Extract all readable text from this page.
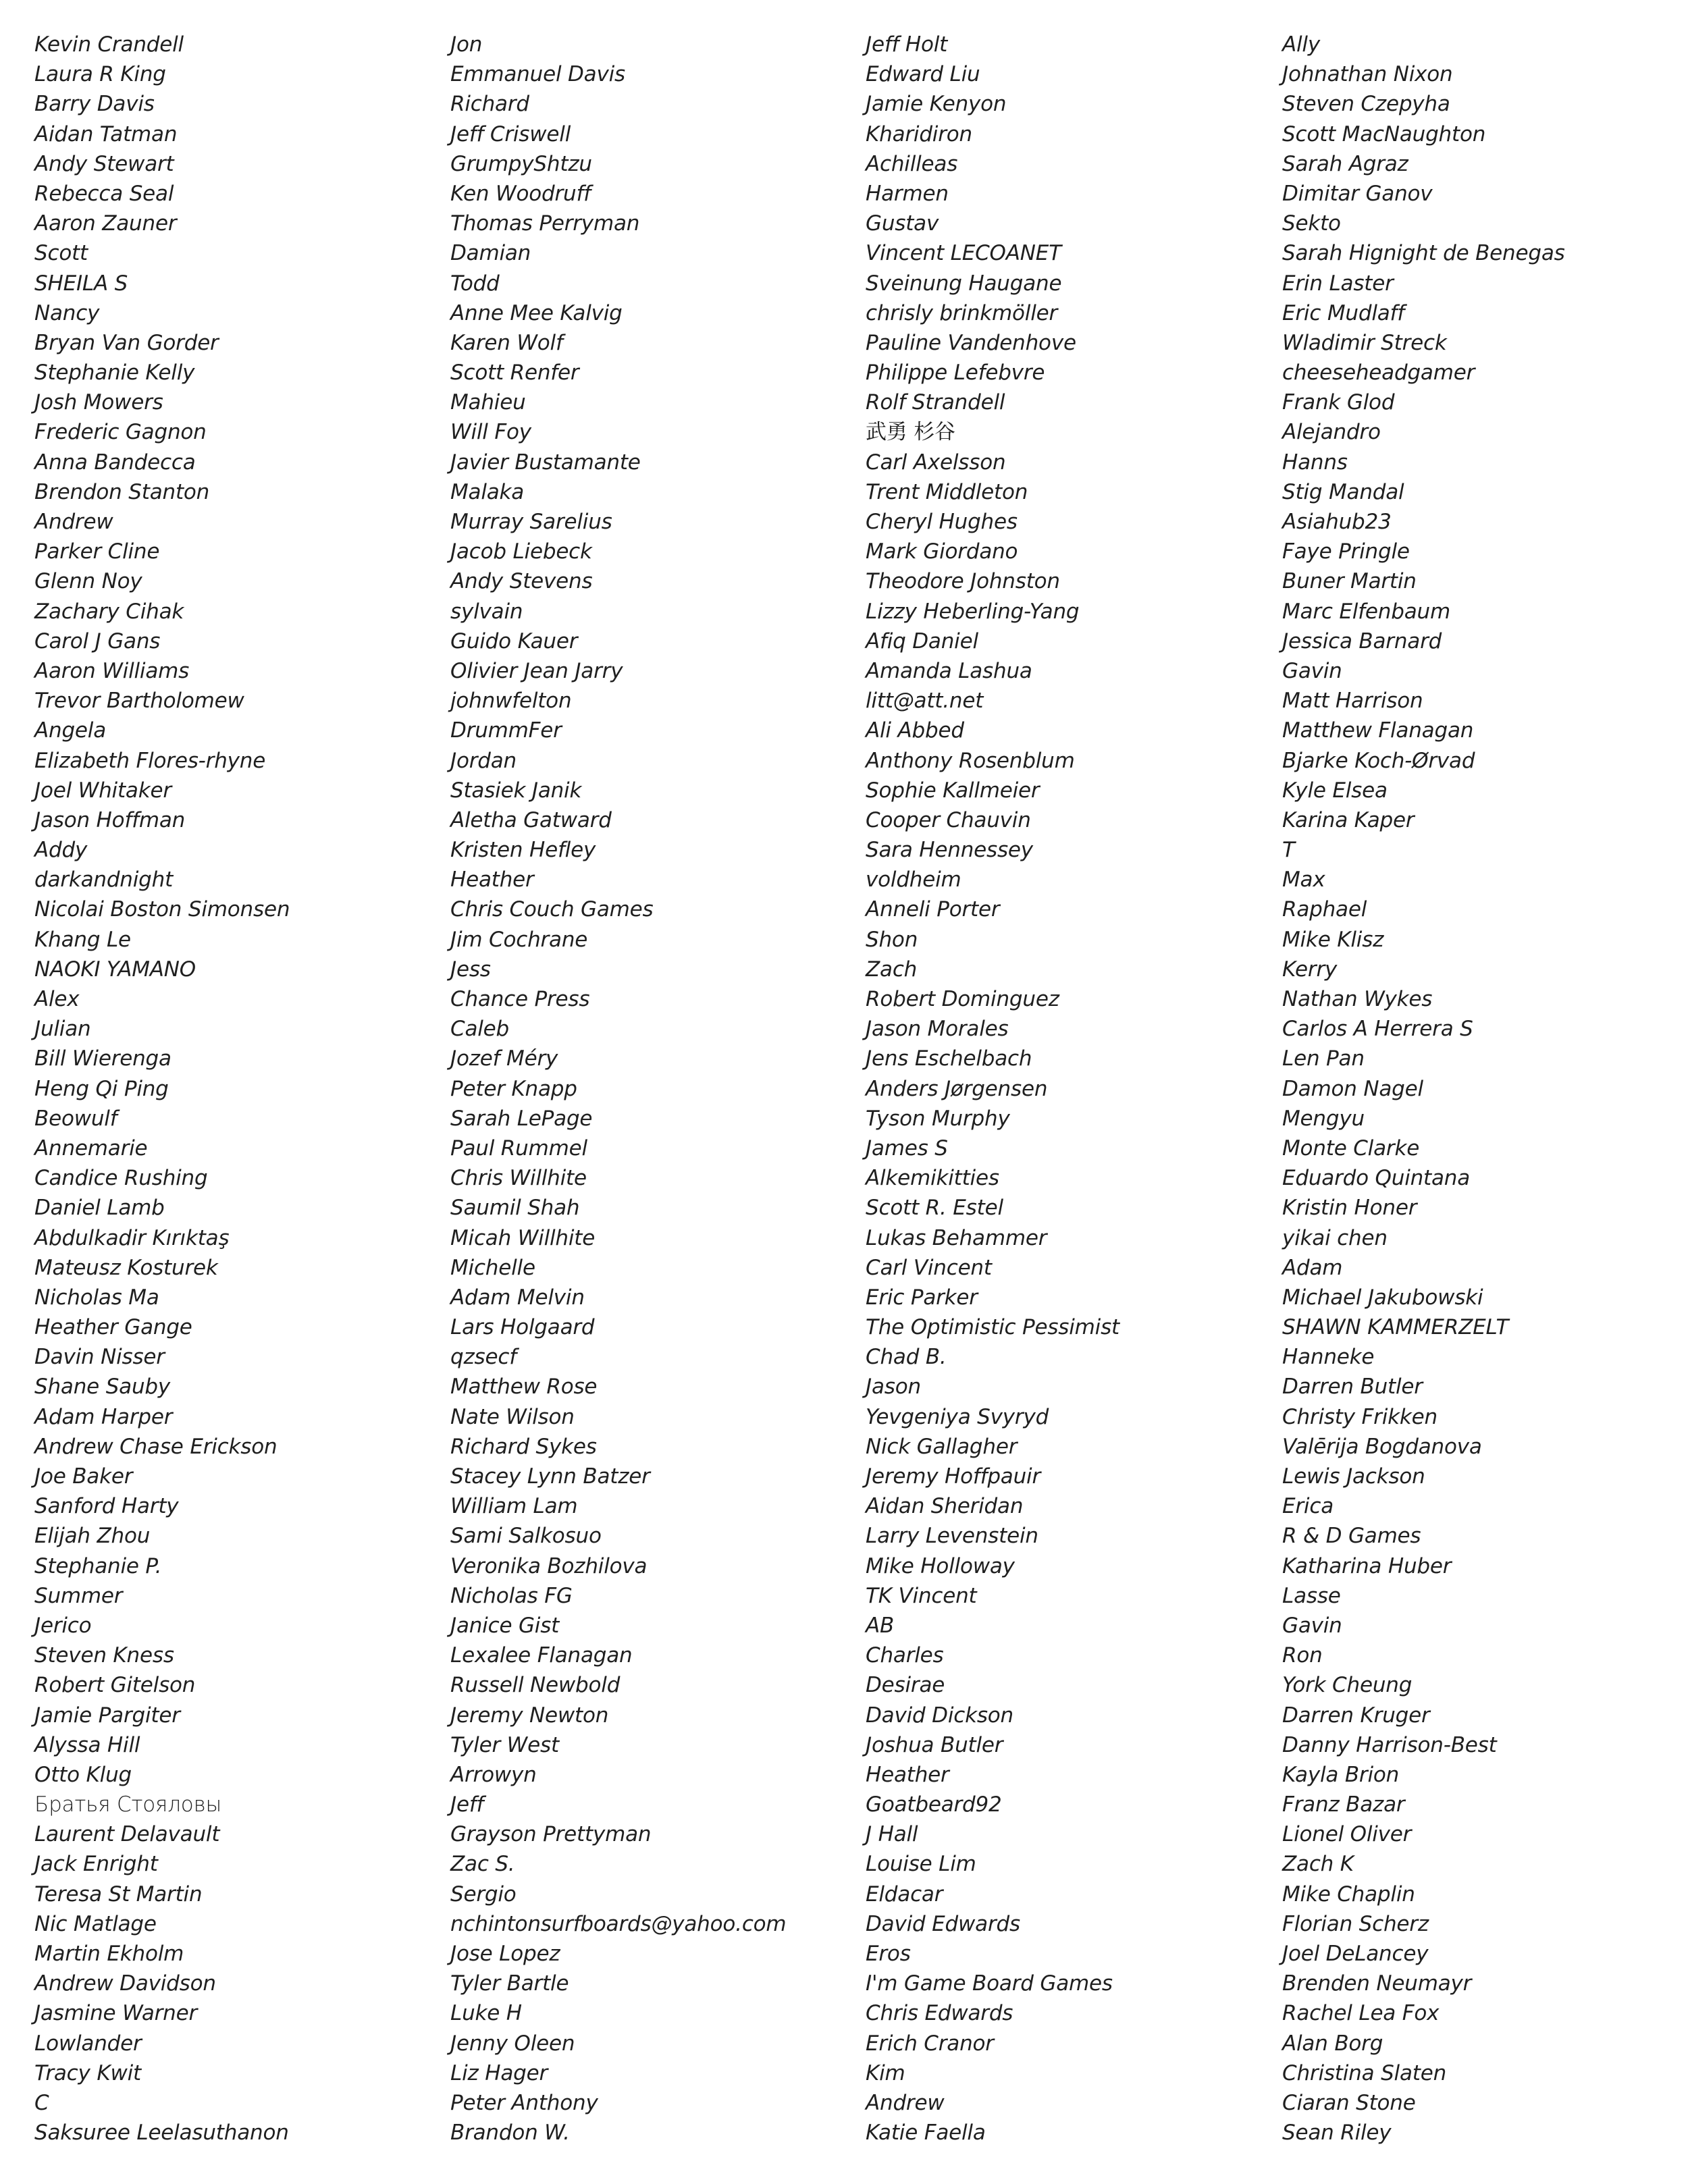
Kevin Crandell
Laura R King
Barry Davis
Aidan Tatman
Andy Stewart
Rebecca Seal
Aaron Zauner
Scott
SHEILA S
Nancy
Bryan Van Gorder
Stephanie Kelly
Josh Mowers
Frederic Gagnon
Anna Bandecca
Brendon Stanton
Andrew
Parker Cline
Glenn Noy
Zachary Cihak
Carol J Gans
Aaron Williams
Trevor Bartholomew
Angela
Elizabeth Flores-rhyne
Joel Whitaker
Jason Hoffman
Addy
darkandnight
Nicolai Boston Simonsen
Khang Le
NAOKI YAMANO
Alex
Julian
Bill Wierenga
Heng Qi Ping
Beowulf
Annemarie
Candice Rushing
Daniel Lamb
Abdulkadir Kırıktaş
Mateusz Kosturek
Nicholas Ma
Heather Gange
Davin Nisser
Shane Sauby
Adam Harper
Andrew Chase Erickson
Joe Baker
Sanford Harty
Elijah Zhou
Stephanie P.
Summer
Jerico
Steven Kness
Robert Gitelson
Jamie Pargiter
Alyssa Hill
Otto Klug
Братья Стояловы
Laurent Delavault
Jack Enright
Teresa St Martin
Nic Matlage
Martin Ekholm
Andrew Davidson
Jasmine Warner
Lowlander
Tracy Kwit
C
Saksuree Leelasuthanon
Jon
Emmanuel Davis
Richard
Jeff Criswell
GrumpyShtzu
Ken Woodruff
Thomas Perryman
Damian
Todd
Anne Mee Kalvig
Karen Wolf
Scott Renfer
Mahieu
Will Foy
Javier Bustamante
Malaka
Murray Sarelius
Jacob Liebeck
Andy Stevens
sylvain
Guido Kauer
Olivier Jean Jarry
johnwfelton
DrummFer
Jordan
Stasiek Janik
Aletha Gatward
Kristen Hefley
Heather
Chris Couch Games
Jim Cochrane
Jess
Chance Press
Caleb
Jozef Méry
Peter Knapp
Sarah LePage
Paul Rummel
Chris Willhite
Saumil Shah
Micah Willhite
Michelle
Adam Melvin
Lars Holgaard
qzsecf
Matthew Rose
Nate Wilson
Richard Sykes
Stacey Lynn Batzer
William Lam
Sami Salkosuo
Veronika Bozhilova
Nicholas FG
Janice Gist
Lexalee Flanagan
Russell Newbold
Jeremy Newton
Tyler West
Arrowyn
Jeff
Grayson Prettyman
Zac S.
Sergio
nchintonsurfboards@yahoo.com
Jose Lopez
Tyler Bartle
Luke H
Jenny Oleen
Liz Hager
Peter Anthony
Brandon W.
Jeff Holt
Edward Liu
Jamie Kenyon
Kharidiron
Achilleas
Harmen
Gustav
Vincent LECOANET
Sveinung Haugane
chrisly brinkmöller
Pauline Vandenhove
Philippe Lefebvre
Rolf Strandell
武勇 杉谷
Carl Axelsson
Trent Middleton
Cheryl Hughes
Mark Giordano
Theodore Johnston
Lizzy Heberling-Yang
Afiq Daniel
Amanda Lashua
litt@att.net
Ali Abbed
Anthony Rosenblum
Sophie Kallmeier
Cooper Chauvin
Sara Hennessey
voldheim
Anneli Porter
Shon
Zach
Robert Dominguez
Jason Morales
Jens Eschelbach
Anders Jørgensen
Tyson Murphy
James S
Alkemikitties
Scott R. Estel
Lukas Behammer
Carl Vincent
Eric Parker
The Optimistic Pessimist
Chad B.
Jason
Yevgeniya Svyryd
Nick Gallagher
Jeremy Hoffpauir
Aidan Sheridan
Larry Levenstein
Mike Holloway
TK Vincent
AB
Charles
Desirae
David Dickson
Joshua Butler
Heather
Goatbeard92
J Hall
Louise Lim
Eldacar
David Edwards
Eros
I'm Game Board Games
Chris Edwards
Erich Cranor
Kim
Andrew
Katie Faella
Ally
Johnathan Nixon
Steven Czepyha
Scott MacNaughton
Sarah Agraz
Dimitar Ganov
Sekto
Sarah Hignight de Benegas
Erin Laster
Eric Mudlaff
Wladimir Streck
cheeseheadgamer
Frank Glod
Alejandro
Hanns
Stig Mandal
Asiahub23
Faye Pringle
Buner Martin
Marc Elfenbaum
Jessica Barnard
Gavin
Matt Harrison
Matthew Flanagan
Bjarke Koch-Ørvad
Kyle Elsea
Karina Kaper
T
Max
Raphael
Mike Klisz
Kerry
Nathan Wykes
Carlos A Herrera S
Len Pan
Damon Nagel
Mengyu
Monte Clarke
Eduardo Quintana
Kristin Honer
yikai chen
Adam
Michael Jakubowski
SHAWN KAMMERZELT
Hanneke
Darren Butler
Christy Frikken
Valērija Bogdanova
Lewis Jackson
Erica
R & D Games
Katharina Huber
Lasse
Gavin
Ron
York Cheung
Darren Kruger
Danny Harrison-Best
Kayla Brion
Franz Bazar
Lionel Oliver
Zach K
Mike Chaplin
Florian Scherz
Joel DeLancey
Brenden Neumayr
Rachel Lea Fox
Alan Borg
Christina Slaten
Ciaran Stone
Sean Riley
